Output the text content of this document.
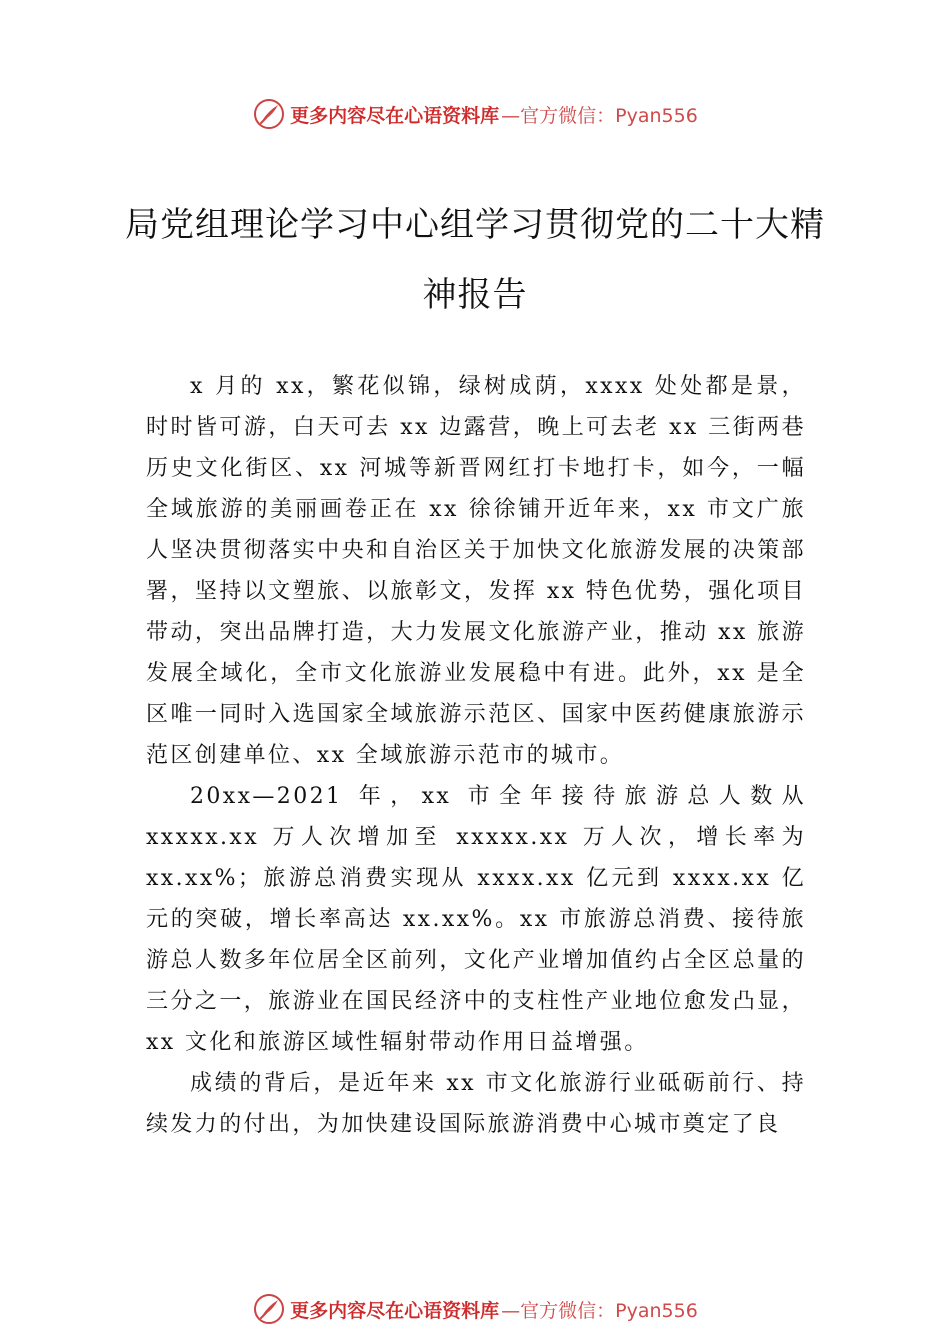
更多内容尽在心语资料库 —官方微信：Pyan556
局党组理论学习中心组学习贯彻党的二十大精神报告

x 月的 xx，繁花似锦，绿树成荫，xxxx 处处都是景，时时皆可游，白天可去 xx 边露营，晚上可去老 xx 三街两巷历史文化街区、xx 河城等新晋网红打卡地打卡，如今，一幅全域旅游的美丽画卷正在 xx 徐徐铺开近年来，xx 市文广旅人坚决贯彻落实中央和自治区关于加快文化旅游发展的决策部署，坚持以文塑旅、以旅彰文，发挥 xx 特色优势，强化项目带动，突出品牌打造，大力发展文化旅游产业，推动 xx 旅游发展全域化，全市文化旅游业发展稳中有进。此外，xx 是全区唯一同时入选国家全域旅游示范区、国家中医药健康旅游示范区创建单位、xx 全域旅游示范市的城市。

20xx—2021 年，xx 市全年接待旅游总人数从 xxxxx.xx 万人次增加至 xxxxx.xx 万人次，增长率为 xx.xx%；旅游总消费实现从 xxxx.xx 亿元到 xxxx.xx 亿元的突破，增长率高达 xx.xx%。xx 市旅游总消费、接待旅游总人数多年位居全区前列，文化产业增加值约占全区总量的三分之一，旅游业在国民经济中的支柱性产业地位愈发凸显，xx 文化和旅游区域性辐射带动作用日益增强。

成绩的背后，是近年来 xx 市文化旅游行业砥砺前行、持续发力的付出，为加快建设国际旅游消费中心城市奠定了良

更多内容尽在心语资料库 —官方微信：Pyan556
